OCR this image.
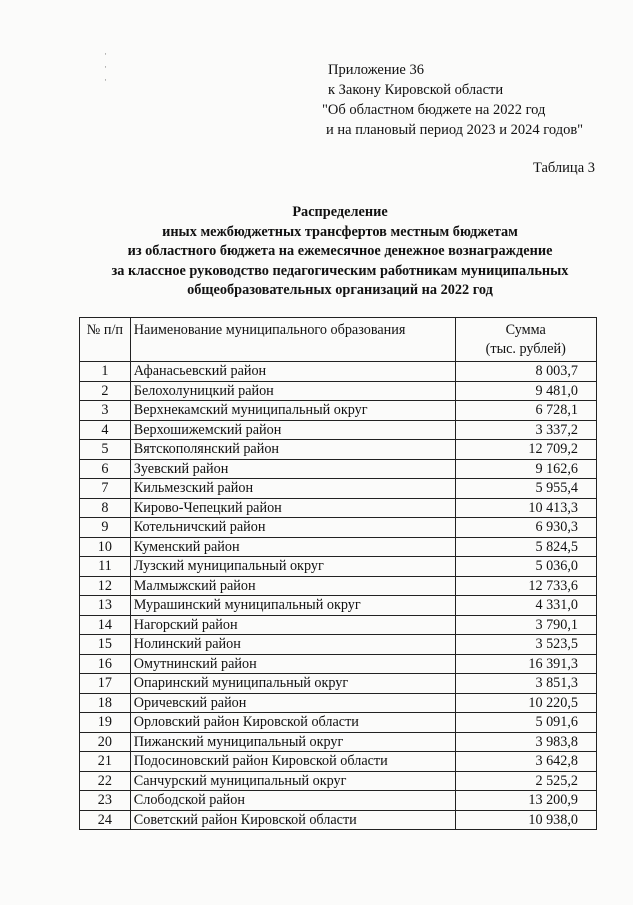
·
·
·
Приложение 36
к Закону Кировской области
"Об областном бюджете на 2022 год
и на плановый период 2023 и 2024 годов"
Таблица 3
Распределение
иных межбюджетных трансфертов местным бюджетам
из областного бюджета на ежемесячное денежное вознаграждение
за классное руководство педагогическим работникам муниципальных
общеобразовательных организаций на 2022 год
№ п/п	Наименование муниципального образования	Сумма
(тыс. рублей)

1	Афанасьевский район	8 003,7
2	Белохолуницкий район	9 481,0
3	Верхнекамский муниципальный округ	6 728,1
4	Верхошижемский район	3 337,2
5	Вятскополянский район	12 709,2
6	Зуевский район	9 162,6
7	Кильмезский район	5 955,4
8	Кирово-Чепецкий район	10 413,3
9	Котельничский район	6 930,3
10	Куменский район	5 824,5
11	Лузский муниципальный округ	5 036,0
12	Малмыжский район	12 733,6
13	Мурашинский муниципальный округ	4 331,0
14	Нагорский район	3 790,1
15	Нолинский район	3 523,5
16	Омутнинский район	16 391,3
17	Опаринский муниципальный округ	3 851,3
18	Оричевский район	10 220,5
19	Орловский район Кировской области	5 091,6
20	Пижанский муниципальный округ	3 983,8
21	Подосиновский район Кировской области	3 642,8
22	Санчурский муниципальный округ	2 525,2
23	Слободской район	13 200,9
24	Советский район Кировской области	10 938,0
